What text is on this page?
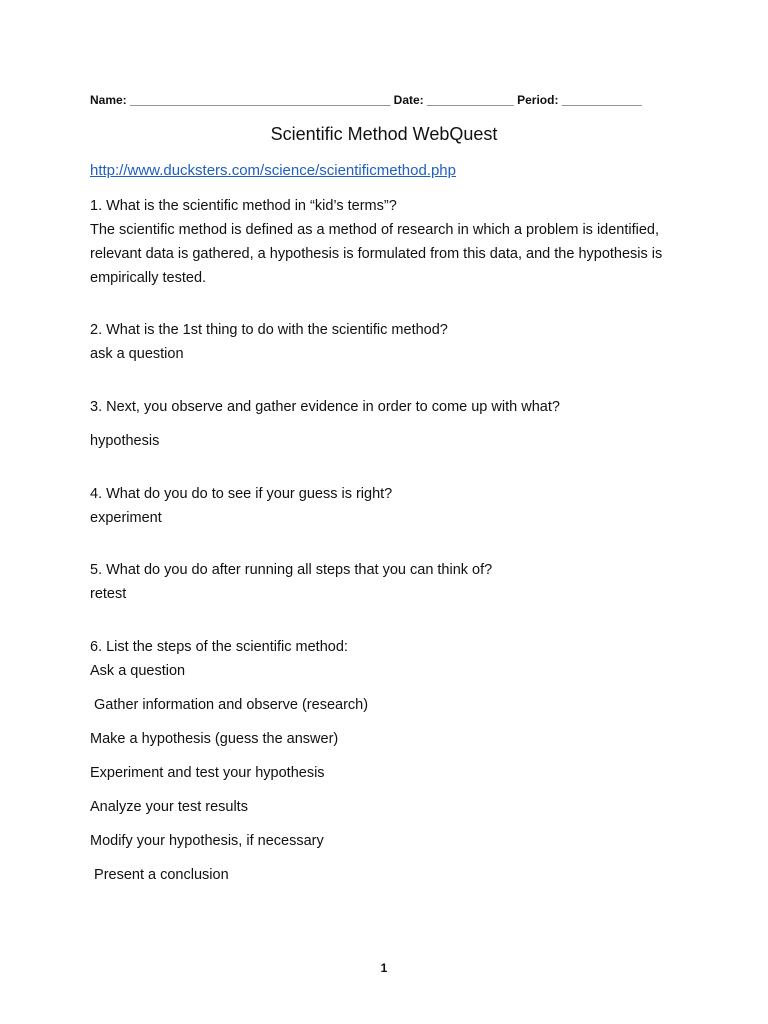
Name: _______________________________________ Date: _____________ Period: ____________
Scientific Method WebQuest
http://www.ducksters.com/science/scientificmethod.php
1. What is the scientific method in “kid’s terms”?
The scientific method is defined as a method of research in which a problem is identified, relevant data is gathered, a hypothesis is formulated from this data, and the hypothesis is empirically tested.
2. What is the 1st thing to do with the scientific method?
ask a question
3. Next, you observe and gather evidence in order to come up with what?
hypothesis
4. What do you do to see if your guess is right?
experiment
5. What do you do after running all steps that you can think of?
retest
6. List the steps of the scientific method:
Ask a question
Gather information and observe (research)
Make a hypothesis (guess the answer)
Experiment and test your hypothesis
Analyze your test results
Modify your hypothesis, if necessary
Present a conclusion
1
